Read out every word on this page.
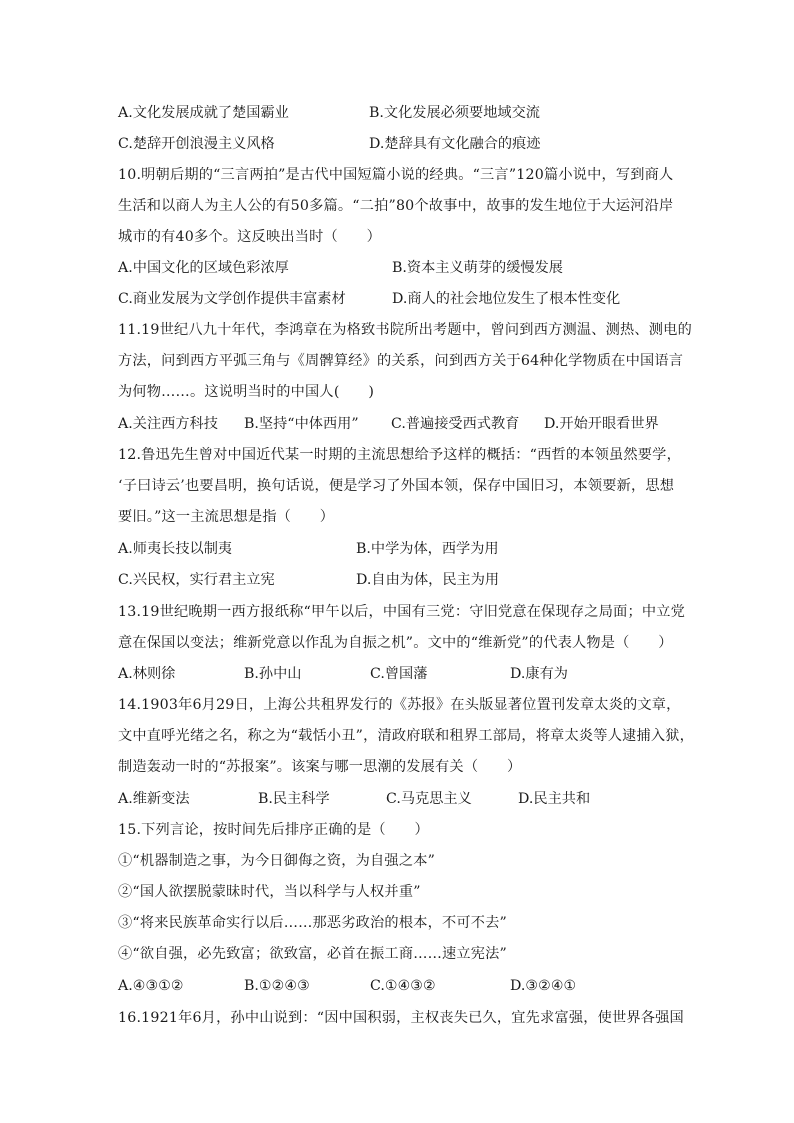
A.文化发展成就了楚国霸业	B.文化发展必须要地域交流
C.楚辞开创浪漫主义风格	D.楚辞具有文化融合的痕迹
10.明朝后期的“三言两拍”是古代中国短篇小说的经典。“三言”120篇小说中，写到商人
生活和以商人为主人公的有50多篇。“二拍”80个故事中，故事的发生地位于大运河沿岸
城市的有40多个。这反映出当时（　　）
A.中国文化的区域色彩浓厚	B.资本主义萌芽的缓慢发展
C.商业发展为文学创作提供丰富素材	D.商人的社会地位发生了根本性变化
11.19世纪八九十年代，李鸿章在为格致书院所出考题中，曾问到西方测温、测热、测电的
方法，问到西方平弧三角与《周髀算经》的关系，问到西方关于64种化学物质在中国语言
为何物……。这说明当时的中国人(　　)
A.关注西方科技 B.坚持“中体西用” C.普遍接受西式教育 D.开始开眼看世界
12.鲁迅先生曾对中国近代某一时期的主流思想给予这样的概括：“西哲的本领虽然要学，
‘子曰诗云’也要昌明，换句话说，便是学习了外国本领，保存中国旧习，本领要新，思想
要旧。”这一主流思想是指（　　）
A.师夷长技以制夷	B.中学为体，西学为用
C.兴民权，实行君主立宪	D.自由为体，民主为用
13.19世纪晚期一西方报纸称“甲午以后，中国有三党：守旧党意在保现存之局面；中立党
意在保国以变法；维新党意以作乱为自振之机”。文中的“维新党”的代表人物是（　　）
A.林则徐	B.孙中山	C.曾国藩	D.康有为
14.1903年6月29日，上海公共租界发行的《苏报》在头版显著位置刊发章太炎的文章，
文中直呼光绪之名，称之为“载恬小丑”，清政府联和租界工部局，将章太炎等人逮捕入狱，
制造轰动一时的“苏报案”。该案与哪一思潮的发展有关（　　）
A.维新变法	B.民主科学	C.马克思主义	D.民主共和
15.下列言论，按时间先后排序正确的是（　　）
①“机器制造之事，为今日御侮之资，为自强之本”
②“国人欲摆脱蒙昧时代，当以科学与人权并重”
③“将来民族革命实行以后……那恶劣政治的根本，不可不去”
④“欲自强，必先致富；欲致富，必首在振工商……速立宪法”
A.④③①②	B.①②④③	C.①④③②	D.③②④①
16.1921年6月，孙中山说到：“因中国积弱，主权丧失已久，宜先求富强，使世界各强国
